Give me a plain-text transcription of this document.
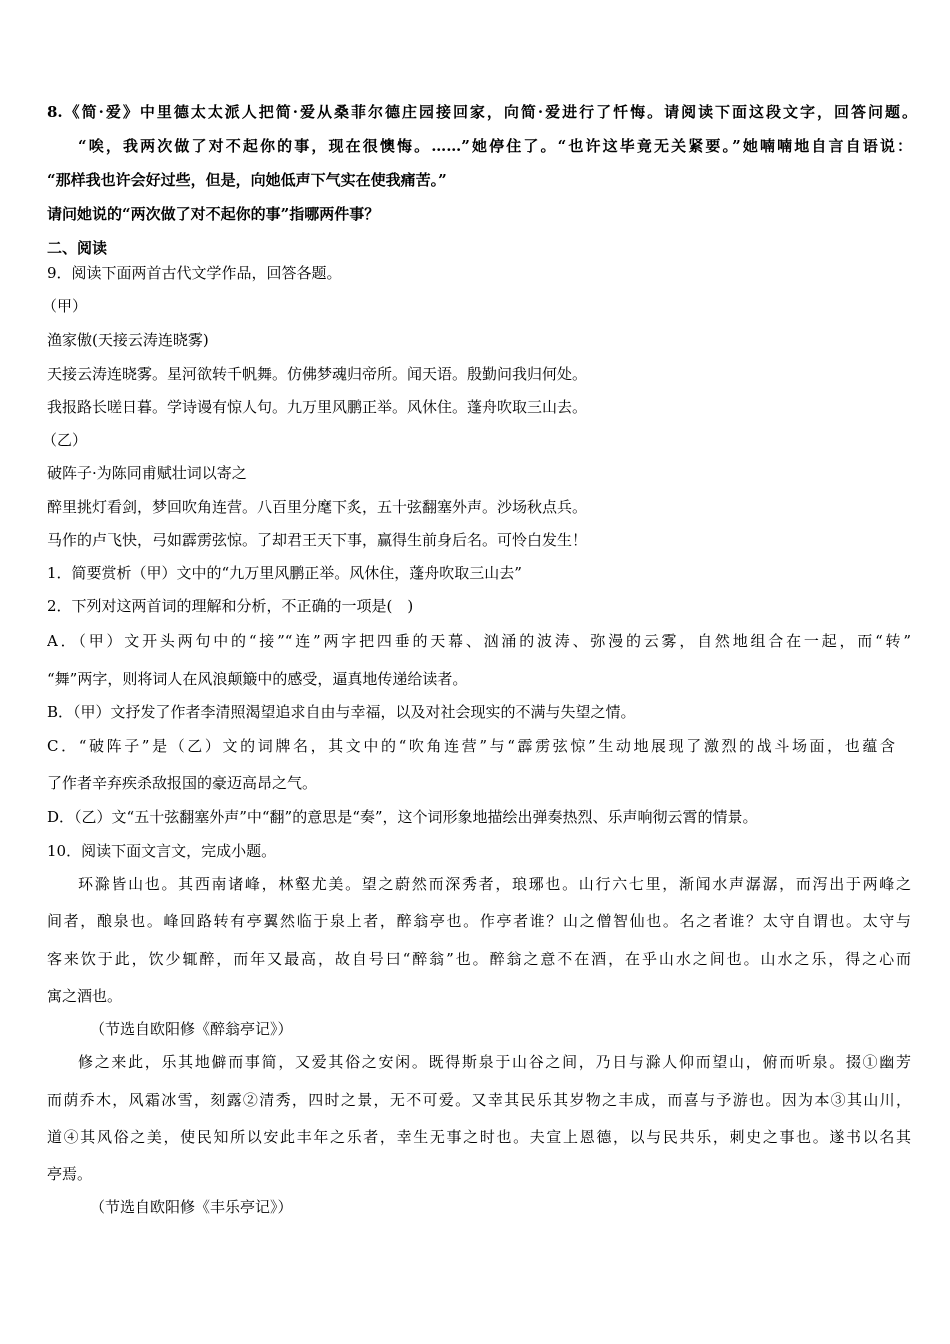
8.《简·爱》中里德太太派人把简·爱从桑菲尔德庄园接回家，向简·爱进行了忏悔。请阅读下面这段文字，回答问题。
“唉，我两次做了对不起你的事，现在很懊悔。……”她停住了。“也许这毕竟无关紧要。”她喃喃地自言自语说：
“那样我也许会好过些，但是，向她低声下气实在使我痛苦。”
请问她说的“两次做了对不起你的事”指哪两件事？
二、阅读
9．阅读下面两首古代文学作品，回答各题。
（甲）
渔家傲(天接云涛连晓雾)
天接云涛连晓雾。星河欲转千帆舞。仿佛梦魂归帝所。闻天语。殷勤问我归何处。
我报路长嗟日暮。学诗谩有惊人句。九万里风鹏正举。风休住。蓬舟吹取三山去。
（乙）
破阵子·为陈同甫赋壮词以寄之
醉里挑灯看剑，梦回吹角连营。八百里分麾下炙，五十弦翻塞外声。沙场秋点兵。
马作的卢飞快，弓如霹雳弦惊。了却君王天下事，赢得生前身后名。可怜白发生！
1．简要赏析（甲）文中的“九万里风鹏正举。风休住，蓬舟吹取三山去”
2．下列对这两首词的理解和分析，不正确的一项是(　)
A．（甲）文开头两句中的“接”“连”两字把四垂的天幕、汹涌的波涛、弥漫的云雾，自然地组合在一起，而“转”
“舞”两字，则将词人在风浪颠簸中的感受，逼真地传递给读者。
B．（甲）文抒发了作者李清照渴望追求自由与幸福，以及对社会现实的不满与失望之情。
C．“破阵子”是（乙）文的词牌名，其文中的“吹角连营”与“霹雳弦惊”生动地展现了激烈的战斗场面，也蕴含
了作者辛弃疾杀敌报国的豪迈高昂之气。
D．（乙）文“五十弦翻塞外声”中“翻”的意思是“奏”，这个词形象地描绘出弹奏热烈、乐声响彻云霄的情景。
10．阅读下面文言文，完成小题。
环滁皆山也。其西南诸峰，林壑尤美。望之蔚然而深秀者，琅琊也。山行六七里，渐闻水声潺潺，而泻出于两峰之
间者，酿泉也。峰回路转有亭翼然临于泉上者，醉翁亭也。作亭者谁？山之僧智仙也。名之者谁？太守自谓也。太守与
客来饮于此，饮少辄醉，而年又最高，故自号曰“醉翁”也。醉翁之意不在酒，在乎山水之间也。山水之乐，得之心而
寓之酒也。
（节选自欧阳修《醉翁亭记》）
修之来此，乐其地僻而事简，又爱其俗之安闲。既得斯泉于山谷之间，乃日与滁人仰而望山，俯而听泉。掇①幽芳
而荫乔木，风霜冰雪，刻露②清秀，四时之景，无不可爱。又幸其民乐其岁物之丰成，而喜与予游也。因为本③其山川，
道④其风俗之美，使民知所以安此丰年之乐者，幸生无事之时也。夫宣上恩德，以与民共乐，刺史之事也。遂书以名其
亭焉。
（节选自欧阳修《丰乐亭记》）
